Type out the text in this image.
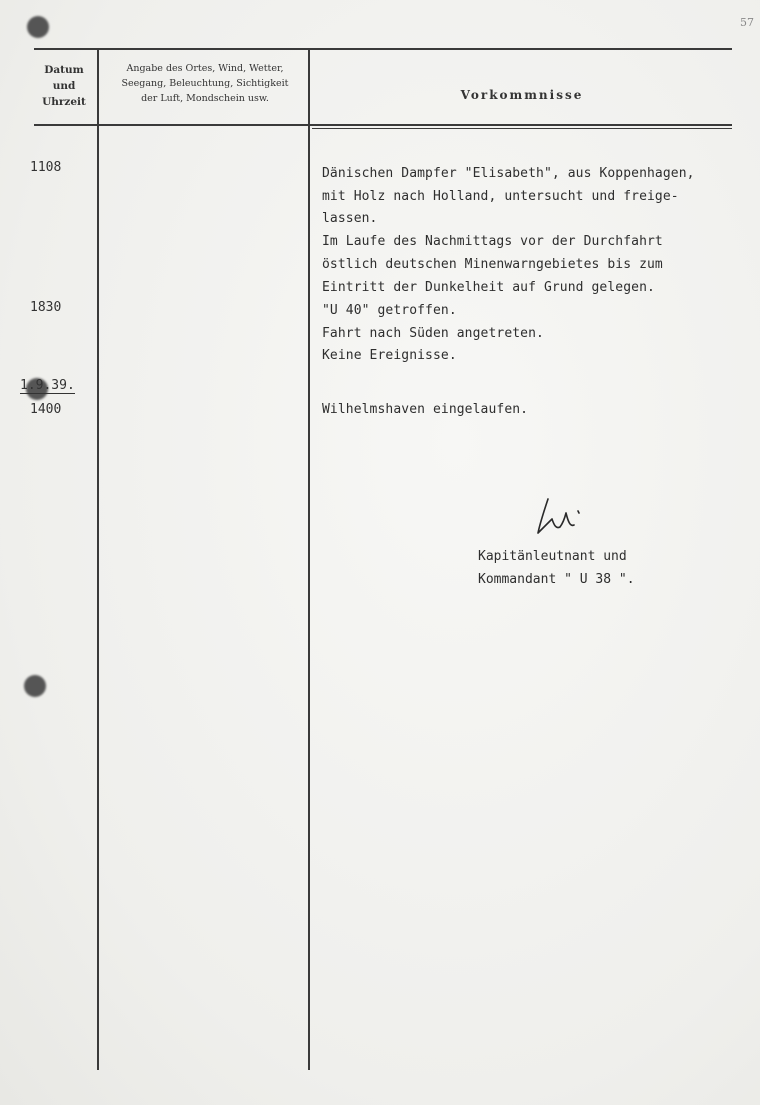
57
Datum
und
Uhrzeit
Angabe des Ortes, Wind, Wetter,
Seegang, Beleuchtung, Sichtigkeit
der Luft, Mondschein usw.	Vorkommnisse
1108
1830
1.9.39.
1400
Dänischen Dampfer "Elisabeth", aus Koppenhagen,
mit Holz nach Holland, untersucht und freige-
lassen.
Im Laufe des Nachmittags vor der Durchfahrt
östlich deutschen Minenwarngebietes bis zum
Eintritt der Dunkelheit auf Grund gelegen.
"U 40" getroffen.
Fahrt nach Süden angetreten.
Keine Ereignisse.
Wilhelmshaven eingelaufen.
Kapitänleutnant und
Kommandant " U 38 ".
